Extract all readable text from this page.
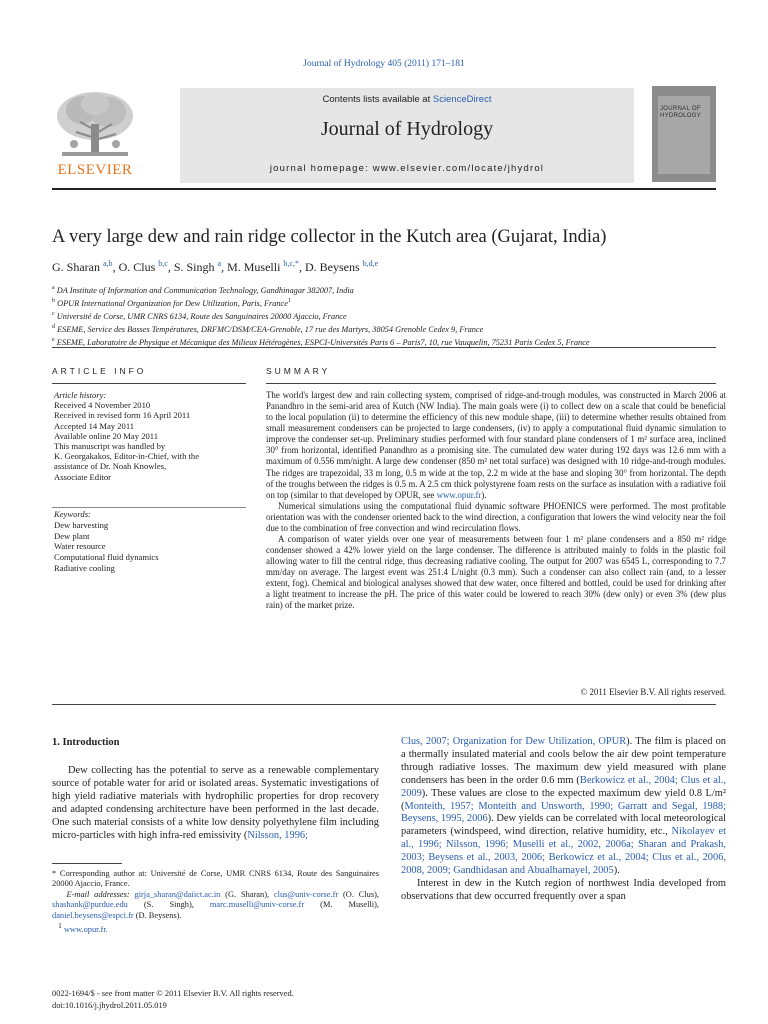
Journal of Hydrology 405 (2011) 171–181
ELSEVIER
Contents lists available at ScienceDirect
Journal of Hydrology
journal homepage: www.elsevier.com/locate/jhydrol
JOURNAL OF HYDROLOGY
A very large dew and rain ridge collector in the Kutch area (Gujarat, India)
G. Sharan $^{a,b}$, O. Clus $^{b,c}$, S. Singh $^a$, M. Muselli $^{b,c,*}$, D. Beysens $^{b,d,e}$
$^a$ DA Institute of Information and Communication Technology, Gandhinagar 382007, India
$^b$ OPUR International Organization for Dew Utilization, Paris, France$^1$
$^c$ Université de Corse, UMR CNRS 6134, Route des Sanguinaires 20000 Ajaccio, France
$^d$ ESEME, Service des Basses Températures, DRFMC/DSM/CEA-Grenoble, 17 rue des Martyrs, 38054 Grenoble Cedex 9, France
$^e$ ESEME, Laboratoire de Physique et Mécanique des Milieux Hétérogènes, ESPCI-Universités Paris 6 – Paris7, 10, rue Vauquelin, 75231 Paris Cedex 5, France
ARTICLE INFO	SUMMARY
Article history:
Received 4 November 2010
Received in revised form 16 April 2011
Accepted 14 May 2011
Available online 20 May 2011
This manuscript was handled by
K. Georgakakos, Editor-in-Chief, with the
assistance of Dr. Noah Knowles,
Associate Editor
Keywords:
Dew harvesting
Dew plant
Water resource
Computational fluid dynamics
Radiative cooling

The world's largest dew and rain collecting system, comprised of ridge-and-trough modules, was constructed in March 2006 at Panandhro in the semi-arid area of Kutch (NW India). The main goals were (i) to collect dew on a scale that could be beneficial to the local population (ii) to determine the efficiency of this new module shape, (iii) to determine whether results obtained from small measurement condensers can be projected to large condensers, (iv) to apply a computational fluid dynamic simulation to improve the condenser set-up. Preliminary studies performed with four standard plane condensers of 1 m² surface area, inclined 30° from horizontal, identified Panandhro as a promising site. The cumulated dew water during 192 days was 12.6 mm with a maximum of 0.556 mm/night. A large dew condenser (850 m² net total surface) was designed with 10 ridge-and-trough modules. The ridges are trapezoidal, 33 m long, 0.5 m wide at the top, 2.2 m wide at the base and sloping 30° from horizontal. The depth of the troughs between the ridges is 0.5 m. A 2.5 cm thick polystyrene foam rests on the surface as insulation with a radiative foil on top (similar to that developed by OPUR, see www.opur.fr).

Numerical simulations using the computational fluid dynamic software PHOENICS were performed. The most profitable orientation was with the condenser oriented back to the wind direction, a configuration that lowers the wind velocity near the foil due to the combination of free convection and wind recirculation flows.

A comparison of water yields over one year of measurements between four 1 m² plane condensers and a 850 m² ridge condenser showed a 42% lower yield on the large condenser. The difference is attributed mainly to folds in the plastic foil allowing water to fill the central ridge, thus decreasing radiative cooling. The output for 2007 was 6545 L, corresponding to 7.7 mm/day on average. The largest event was 251.4 L/night (0.3 mm). Such a condenser can also collect rain (and, to a lesser extent, fog). Chemical and biological analyses showed that dew water, once filtered and bottled, could be used for drinking after a light treatment to increase the pH. The price of this water could be lowered to reach 30% (dew only) or even 3% (dew plus rain) of the market prize.

© 2011 Elsevier B.V. All rights reserved.
1. Introduction

Dew collecting has the potential to serve as a renewable complementary source of potable water for arid or isolated areas. Systematic investigations of high yield radiative materials with hydrophilic properties for drop recovery and adapted condensing architecture have been performed in the last decade. One such material consists of a white low density polyethylene film including micro-particles with high infra-red emissivity (Nilsson, 1996;

* Corresponding author at: Université de Corse, UMR CNRS 6134, Route des Sanguinaires 20000 Ajaccio, France.

E-mail addresses: girja_sharan@daiict.ac.in (G. Sharan), clus@univ-corse.fr (O. Clus), shashank@purdue.edu (S. Singh), marc.muselli@univ-corse.fr (M. Muselli), daniel.beysens@espci.fr (D. Beysens).

$^1$ www.opur.fr.

0022-1694/$ - see front matter © 2011 Elsevier B.V. All rights reserved.
doi:10.1016/j.jhydrol.2011.05.019

Clus, 2007; Organization for Dew Utilization, OPUR). The film is placed on a thermally insulated material and cools below the air dew point temperature through radiative losses. The maximum dew yield measured with plane condensers has been in the order 0.6 mm (Berkowicz et al., 2004; Clus et al., 2009). These values are close to the expected maximum dew yield 0.8 L/m² (Monteith, 1957; Monteith and Unsworth, 1990; Garratt and Segal, 1988; Beysens, 1995, 2006). Dew yields can be correlated with local meteorological parameters (windspeed, wind direction, relative humidity, etc., Nikolayev et al., 1996; Nilsson, 1996; Muselli et al., 2002, 2006a; Sharan and Prakash, 2003; Beysens et al., 2003, 2006; Berkowicz et al., 2004; Clus et al., 2006, 2008, 2009; Gandhidasan and Abualhamayel, 2005).

Interest in dew in the Kutch region of northwest India developed from observations that dew occurred frequently over a span
